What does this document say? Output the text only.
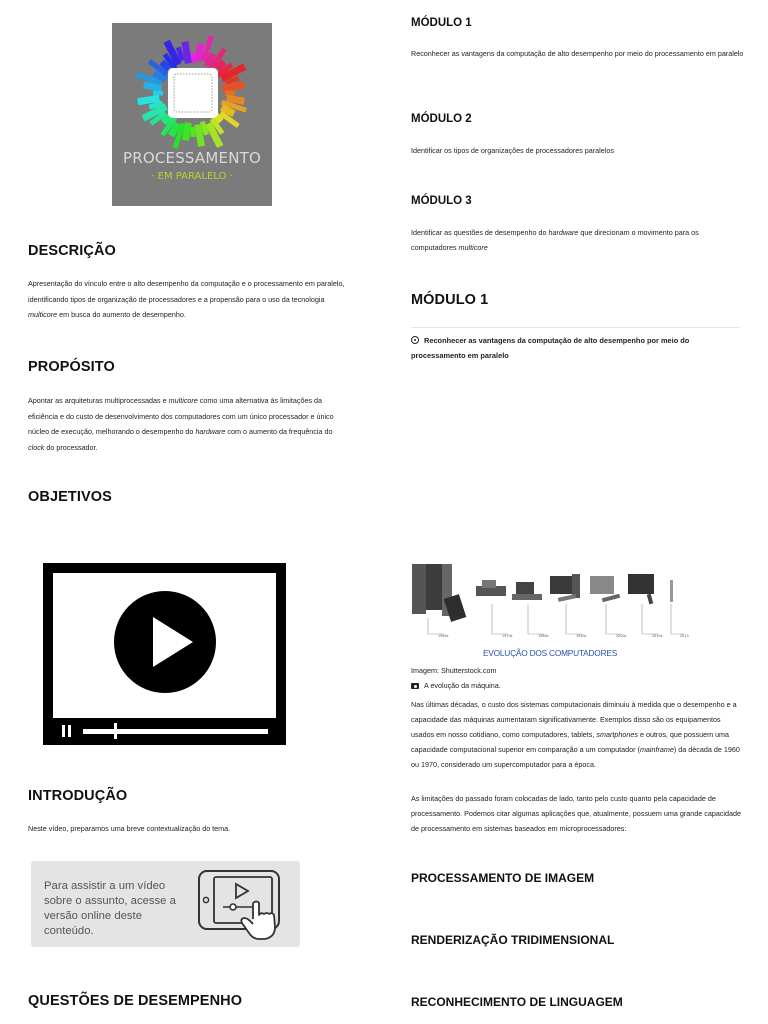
PROCESSAMENTO
· EM PARALELO ·
DESCRIÇÃO
Apresentação do vínculo entre o alto desempenho da computação e o processamento em paralelo, identificando tipos de organização de processadores e a propensão para o uso da tecnologia multicore em busca do aumento de desempenho.
PROPÓSITO
Apontar as arquiteturas multiprocessadas e multicore como uma alternativa às limitações da eficiência e do custo de desenvolvimento dos computadores com um único processador e único núcleo de execução, melhorando o desempenho do hardware com o aumento da frequência do clock do processador.
OBJETIVOS
INTRODUÇÃO
Neste vídeo, preparamos uma breve contextualização do tema.
Para assistir a um vídeo sobre o assunto, acesse a versão online deste conteúdo.
QUESTÕES DE DESEMPENHO
MÓDULO 1
Reconhecer as vantagens da computação de alto desempenho por meio do processamento em paralelo
MÓDULO 2
Identificar os tipos de organizações de processadores paralelos
MÓDULO 3
Identificar as questões de desempenho do hardware que direcionam o movimento para os computadores multicore
MÓDULO 1
Reconhecer as vantagens da computação de alto desempenho por meio do processamento em paralelo
1960s	1970s	1980s	1990s	2000s	2010s	2013
EVOLUÇÃO DOS COMPUTADORES
Imagem: Shutterstock.com
A evolução da máquina.
Nas últimas décadas, o custo dos sistemas computacionais diminuiu à medida que o desempenho e a capacidade das máquinas aumentaram significativamente. Exemplos disso são os equipamentos usados em nosso cotidiano, como computadores, tablets, smartphones e outros, que possuem uma capacidade computacional superior em comparação a um computador (mainframe) da década de 1960 ou 1970, considerado um supercomputador para a época.
As limitações do passado foram colocadas de lado, tanto pelo custo quanto pela capacidade de processamento. Podemos citar algumas aplicações que, atualmente, possuem uma grande capacidade de processamento em sistemas baseados em microprocessadores:
PROCESSAMENTO DE IMAGEM
RENDERIZAÇÃO TRIDIMENSIONAL
RECONHECIMENTO DE LINGUAGEM
